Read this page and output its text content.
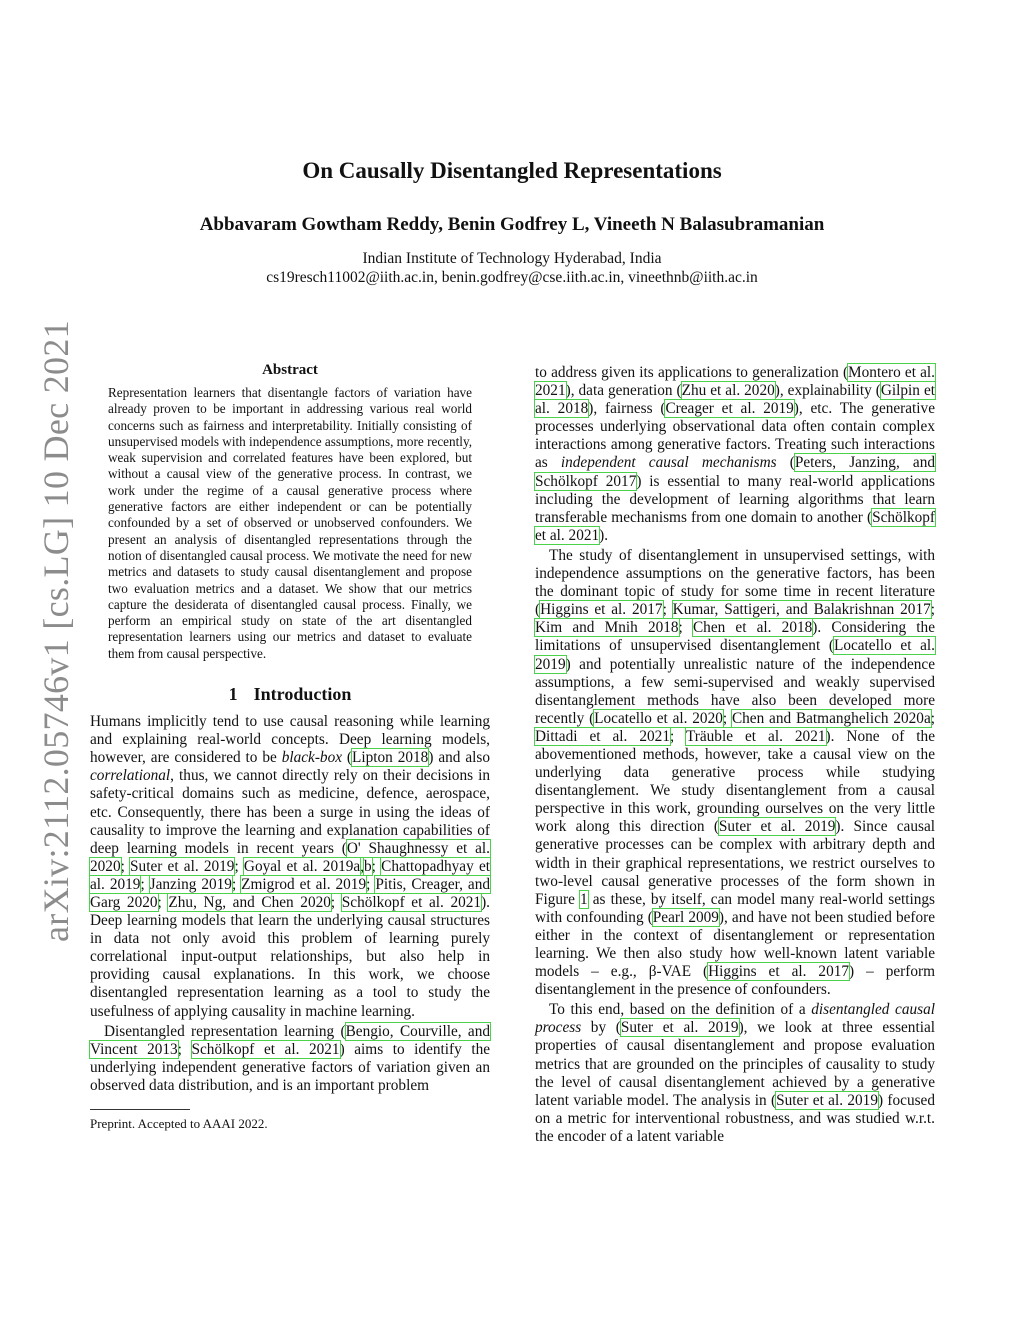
arXiv:2112.05746v1 [cs.LG] 10 Dec 2021
On Causally Disentangled Representations
Abbavaram Gowtham Reddy, Benin Godfrey L, Vineeth N Balasubramanian
Indian Institute of Technology Hyderabad, India
cs19resch11002@iith.ac.in, benin.godfrey@cse.iith.ac.in, vineethnb@iith.ac.in
Abstract
Representation learners that disentangle factors of variation have already proven to be important in addressing various real world concerns such as fairness and interpretability. Initially consisting of unsupervised models with independence assumptions, more recently, weak supervision and correlated features have been explored, but without a causal view of the generative process. In contrast, we work under the regime of a causal generative process where generative factors are either independent or can be potentially confounded by a set of observed or unobserved confounders. We present an analysis of disentangled representations through the notion of disentangled causal process. We motivate the need for new metrics and datasets to study causal disentanglement and propose two evaluation metrics and a dataset. We show that our metrics capture the desiderata of disentangled causal process. Finally, we perform an empirical study on state of the art disentangled representation learners using our metrics and dataset to evaluate them from causal perspective.
1 Introduction

Humans implicitly tend to use causal reasoning while learning and explaining real-world concepts. Deep learning models, however, are considered to be black-box (Lipton 2018) and also correlational, thus, we cannot directly rely on their decisions in safety-critical domains such as medicine, defence, aerospace, etc. Consequently, there has been a surge in using the ideas of causality to improve the learning and explanation capabilities of deep learning models in recent years (O' Shaughnessy et al. 2020; Suter et al. 2019; Goyal et al. 2019a,b; Chattopadhyay et al. 2019; Janzing 2019; Zmigrod et al. 2019; Pitis, Creager, and Garg 2020; Zhu, Ng, and Chen 2020; Schölkopf et al. 2021). Deep learning models that learn the underlying causal structures in data not only avoid this problem of learning purely correlational input-output relationships, but also help in providing causal explanations. In this work, we choose disentangled representation learning as a tool to study the usefulness of applying causality in machine learning.

Disentangled representation learning (Bengio, Courville, and Vincent 2013; Schölkopf et al. 2021) aims to identify the underlying independent generative factors of variation given an observed data distribution, and is an important problem

Preprint. Accepted to AAAI 2022.

to address given its applications to generalization (Montero et al. 2021), data generation (Zhu et al. 2020), explainability (Gilpin et al. 2018), fairness (Creager et al. 2019), etc. The generative processes underlying observational data often contain complex interactions among generative factors. Treating such interactions as independent causal mechanisms (Peters, Janzing, and Schölkopf 2017) is essential to many real-world applications including the development of learning algorithms that learn transferable mechanisms from one domain to another (Schölkopf et al. 2021).

The study of disentanglement in unsupervised settings, with independence assumptions on the generative factors, has been the dominant topic of study for some time in recent literature (Higgins et al. 2017; Kumar, Sattigeri, and Balakrishnan 2017; Kim and Mnih 2018; Chen et al. 2018). Considering the limitations of unsupervised disentanglement (Locatello et al. 2019) and potentially unrealistic nature of the independence assumptions, a few semi-supervised and weakly supervised disentanglement methods have also been developed more recently (Locatello et al. 2020; Chen and Batmanghelich 2020a; Dittadi et al. 2021; Träuble et al. 2021). None of the abovementioned methods, however, take a causal view on the underlying data generative process while studying disentanglement. We study disentanglement from a causal perspective in this work, grounding ourselves on the very little work along this direction (Suter et al. 2019). Since causal generative processes can be complex with arbitrary depth and width in their graphical representations, we restrict ourselves to two-level causal generative processes of the form shown in Figure 1 as these, by itself, can model many real-world settings with confounding (Pearl 2009), and have not been studied before either in the context of disentanglement or representation learning. We then also study how well-known latent variable models – e.g., β-VAE (Higgins et al. 2017) – perform disentanglement in the presence of confounders.

To this end, based on the definition of a disentangled causal process by (Suter et al. 2019), we look at three essential properties of causal disentanglement and propose evaluation metrics that are grounded on the principles of causality to study the level of causal disentanglement achieved by a generative latent variable model. The analysis in (Suter et al. 2019) focused on a metric for interventional robustness, and was studied w.r.t. the encoder of a latent variable
